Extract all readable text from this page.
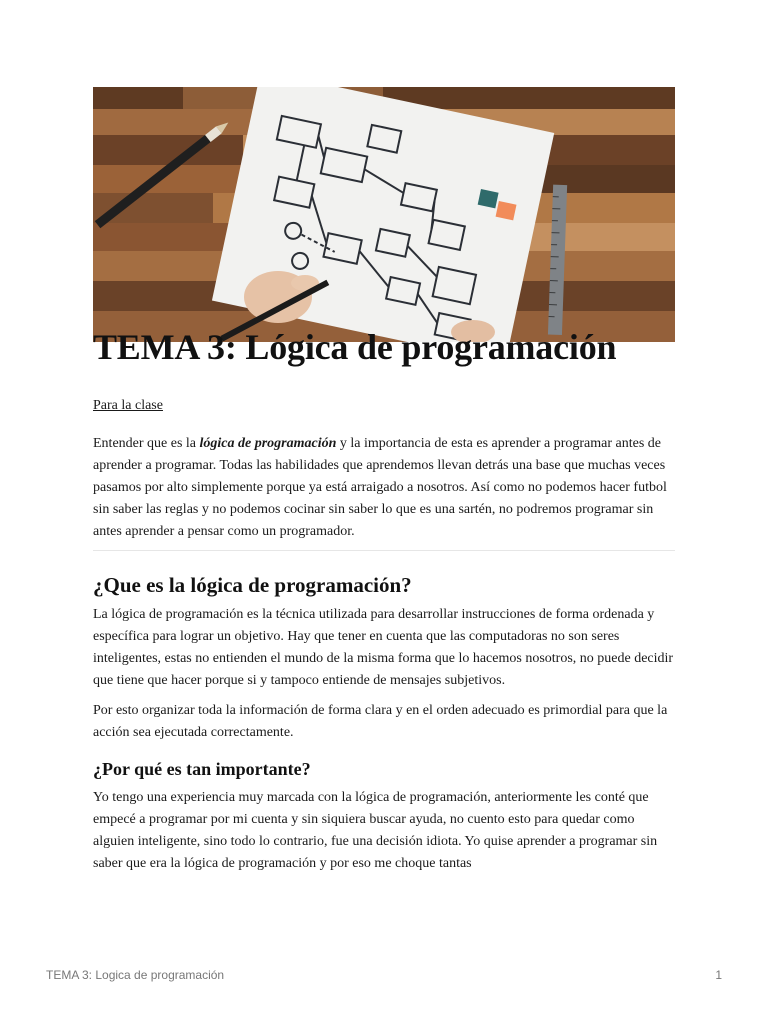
TEMA 3: Lógica de programación

Para la clase

Entender que es la lógica de programación y la importancia de esta es aprender a programar antes de aprender a programar. Todas las habilidades que aprendemos llevan detrás una base que muchas veces pasamos por alto simplemente porque ya está arraigado a nosotros. Así como no podemos hacer futbol sin saber las reglas y no podemos cocinar sin saber lo que es una sartén, no podremos programar sin antes aprender a pensar como un programador.

¿Que es la lógica de programación?

La lógica de programación es la técnica utilizada para desarrollar instrucciones de forma ordenada y específica para lograr un objetivo. Hay que tener en cuenta que las computadoras no son seres inteligentes, estas no entienden el mundo de la misma forma que lo hacemos nosotros, no puede decidir que tiene que hacer porque si y tampoco entiende de mensajes subjetivos.

Por esto organizar toda la información de forma clara y en el orden adecuado es primordial para que la acción sea ejecutada correctamente.

¿Por qué es tan importante?

Yo tengo una experiencia muy marcada con la lógica de programación, anteriormente les conté que empecé a programar por mi cuenta y sin siquiera buscar ayuda, no cuento esto para quedar como alguien inteligente, sino todo lo contrario, fue una decisión idiota. Yo quise aprender a programar sin saber que era la lógica de programación y por eso me choque tantas

TEMA 3: Logica de programación	1
